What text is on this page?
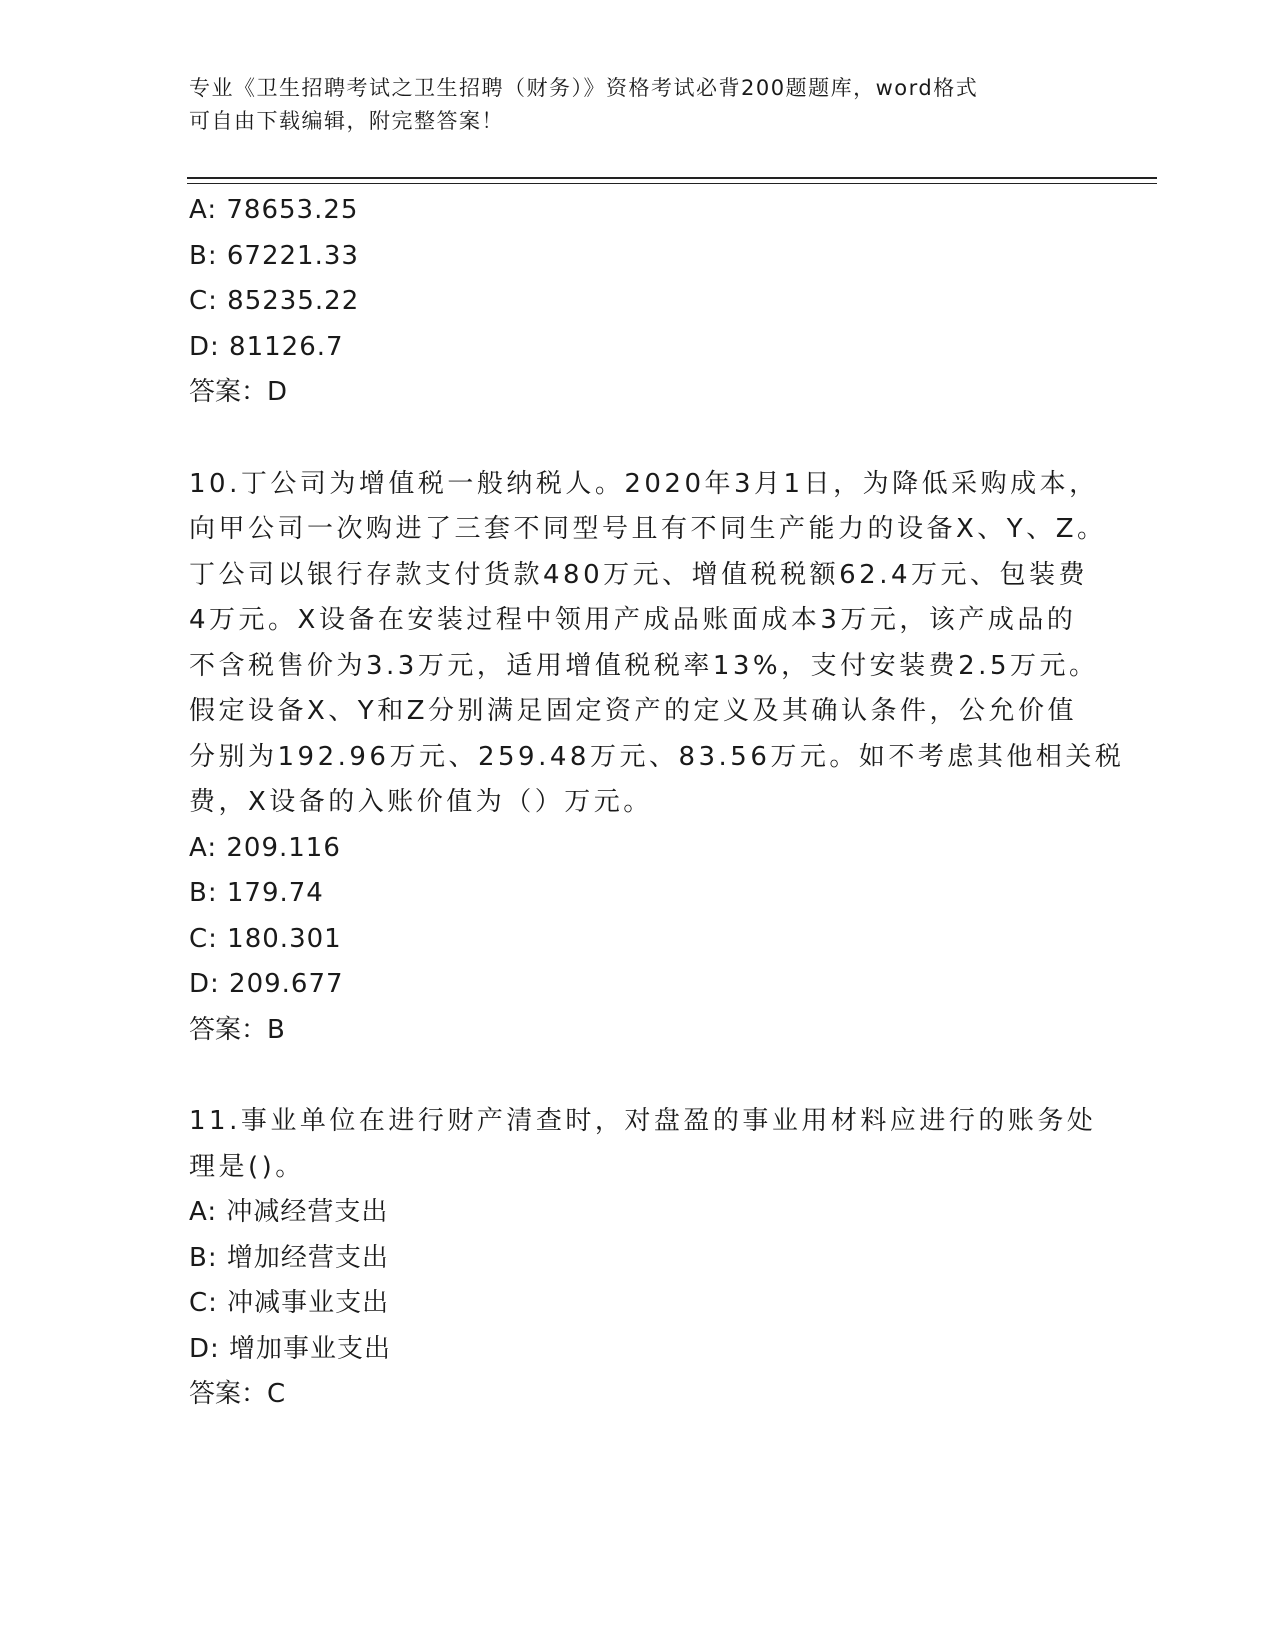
专业《卫生招聘考试之卫生招聘（财务）》资格考试必背200题题库，word格式
可自由下载编辑，附完整答案！
A: 78653.25
B: 67221.33
C: 85235.22
D: 81126.7
答案：D
10.丁公司为增值税一般纳税人。2020年3月1日，为降低采购成本，
向甲公司一次购进了三套不同型号且有不同生产能力的设备X、Y、Z。
丁公司以银行存款支付货款480万元、增值税税额62.4万元、包装费
4万元。X设备在安装过程中领用产成品账面成本3万元，该产成品的
不含税售价为3.3万元，适用增值税税率13%，支付安装费2.5万元。
假定设备X、Y和Z分别满足固定资产的定义及其确认条件，公允价值
分别为192.96万元、259.48万元、83.56万元。如不考虑其他相关税
费，X设备的入账价值为（）万元。
A: 209.116
B: 179.74
C: 180.301
D: 209.677
答案：B
11.事业单位在进行财产清查时，对盘盈的事业用材料应进行的账务处
理是()。
A: 冲减经营支出
B: 增加经营支出
C: 冲减事业支出
D: 增加事业支出
答案：C
